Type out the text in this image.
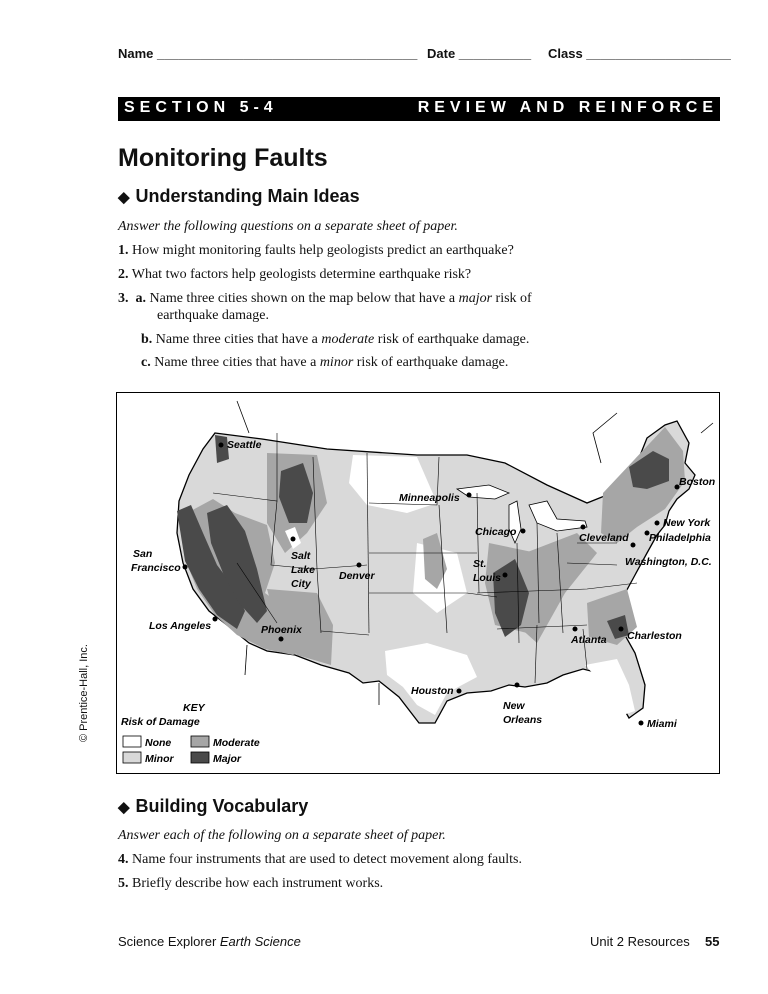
Name ____________________________________ Date __________ Class ____________________
SECTION 5-4	REVIEW AND REINFORCE
Monitoring Faults
◆ Understanding Main Ideas
Answer the following questions on a separate sheet of paper.
1. How might monitoring faults help geologists predict an earthquake?
2. What two factors help geologists determine earthquake risk?
3. a. Name three cities shown on the map below that have a major risk of
earthquake damage.
b. Name three cities that have a moderate risk of earthquake damage.
c. Name three cities that have a minor risk of earthquake damage.
Seattle
Minneapolis
Boston
New York
Philadelphia
Chicago	Cleveland
Washington, D.C.
San
Francisco
Salt
Lake
City
Denver
St.
Louis
Los Angeles	Phoenix
Atlanta Charleston
Houston
New
Orleans	Miami
KEY
Risk of Damage
None	Moderate
Minor	Major
© Prentice-Hall, Inc.
◆ Building Vocabulary
Answer each of the following on a separate sheet of paper.
4. Name four instruments that are used to detect movement along faults.
5. Briefly describe how each instrument works.
Science Explorer Earth Science	Unit 2 Resources 55
